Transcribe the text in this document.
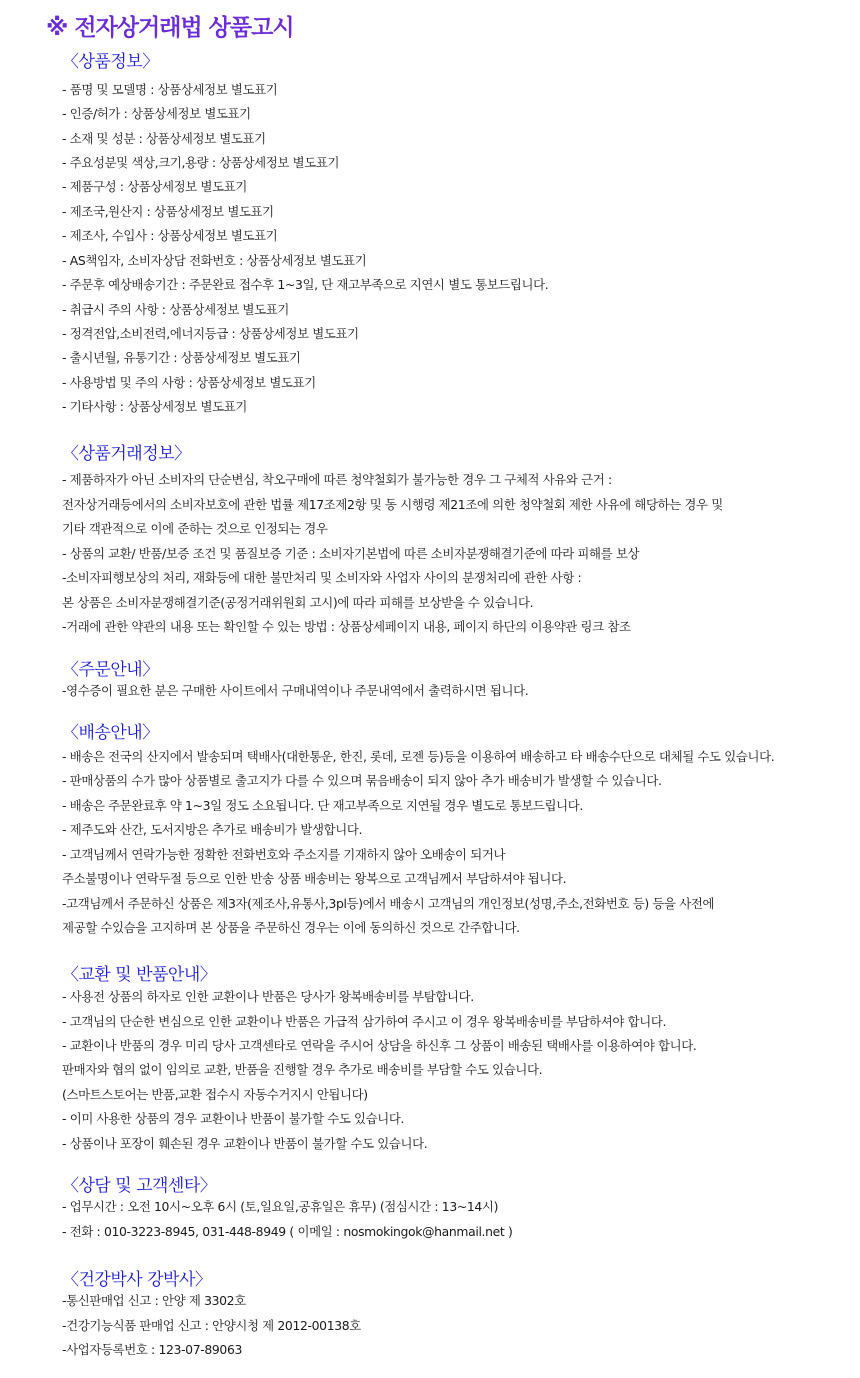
※ 전자상거래법 상품고시
〈상품정보〉
- 품명 및 모델명 : 상품상세정보 별도표기
- 인증/허가 : 상품상세정보 별도표기
- 소재 및 성분 : 상품상세정보 별도표기
- 주요성분및 색상,크기,용량 : 상품상세정보 별도표기
- 제품구성 : 상품상세정보 별도표기
- 제조국,원산지 : 상품상세정보 별도표기
- 제조사, 수입사 : 상품상세정보 별도표기
- AS책임자, 소비자상담 전화번호 : 상품상세정보 별도표기
- 주문후 예상배송기간 : 주문완료 접수후 1~3일, 단 재고부족으로 지연시 별도 통보드립니다.
- 취급시 주의 사항 : 상품상세정보 별도표기
- 정격전압,소비전력,에너지등급 : 상품상세정보 별도표기
- 출시년월, 유통기간 : 상품상세정보 별도표기
- 사용방법 및 주의 사항 : 상품상세정보 별도표기
- 기타사항 : 상품상세정보 별도표기
〈상품거래정보〉
- 제품하자가 아닌 소비자의 단순변심, 착오구매에 따른 청약철회가 불가능한 경우 그 구체적 사유와 근거 :
전자상거래등에서의 소비자보호에 관한 법률 제17조제2항 및 동 시행령 제21조에 의한 청약철회 제한 사유에 해당하는 경우 및
기타 객관적으로 이에 준하는 것으로 인정되는 경우
- 상품의 교환/ 반품/보증 조건 및 품질보증 기준 : 소비자기본법에 따른 소비자분쟁해결기준에 따라 피해를 보상
-소비자피행보상의 처리, 재화등에 대한 불만처리 및 소비자와 사업자 사이의 분쟁처리에 관한 사항 :
본 상품은 소비자분쟁해결기준(공정거래위원회 고시)에 따라 피해를 보상받을 수 있습니다.
-거래에 관한 약관의 내용 또는 확인할 수 있는 방법 : 상품상세페이지 내용, 페이지 하단의 이용약관 링크 참조
〈주문안내〉
-영수증이 필요한 분은 구매한 사이트에서 구매내역이나 주문내역에서 출력하시면 됩니다.
〈배송안내〉
- 배송은 전국의 산지에서 발송되며 택배사(대한통운, 한진, 롯데, 로젠 등)등을 이용하여 배송하고 타 배송수단으로 대체될 수도 있습니다.
- 판매상품의 수가 많아 상품별로 출고지가 다를 수 있으며 묶음배송이 되지 않아 추가 배송비가 발생할 수 있습니다.
- 배송은 주문완료후 약 1~3일 정도 소요됩니다. 단 재고부족으로 지연될 경우 별도로 통보드립니다.
- 제주도와 산간, 도서지방은 추가로 배송비가 발생합니다.
- 고객님께서 연락가능한 정확한 전화번호와 주소지를 기재하지 않아 오배송이 되거나
주소불명이나 연락두절 등으로 인한 반송 상품 배송비는 왕복으로 고객님께서 부담하셔야 됩니다.
-고객님께서 주문하신 상품은 제3자(제조사,유통사,3pl등)에서 배송시 고객님의 개인정보(성명,주소,전화번호 등) 등을 사전에
제공할 수있슴을 고지하며 본 상품을 주문하신 경우는 이에 동의하신 것으로 간주합니다.
〈교환 및 반품안내〉
- 사용전 상품의 하자로 인한 교환이나 반품은 당사가 왕복배송비를 부탐합니다.
- 고객님의 단순한 변심으로 인한 교환이나 반품은 가급적 삼가하여 주시고 이 경우 왕복배송비를 부담하셔야 합니다.
- 교환이나 반품의 경우 미리 당사 고객센타로 연락을 주시어 상담을 하신후 그 상품이 배송된 택배사를 이용하여야 합니다.
판매자와 협의 없이 임의로 교환, 반품을 진행할 경우 추가로 배송비를 부담할 수도 있습니다.
(스마트스토어는 반품,교환 접수시 자동수거지시 안됩니다)
- 이미 사용한 상품의 경우 교환이나 반품이 불가할 수도 있습니다.
- 상품이나 포장이 훼손된 경우 교환이나 반품이 불가할 수도 있습니다.
〈상담 및 고객센타〉
- 업무시간 : 오전 10시~오후 6시 (토,일요일,공휴일은 휴무) (점심시간 : 13~14시)
- 전화 : 010-3223-8945, 031-448-8949 ( 이메일 : nosmokingok@hanmail.net )
〈건강박사 강박사〉
-통신판매업 신고 : 안양 제 3302호
-건강기능식품 판매업 신고 : 안양시청 제 2012-00138호
-사업자등록번호 : 123-07-89063
